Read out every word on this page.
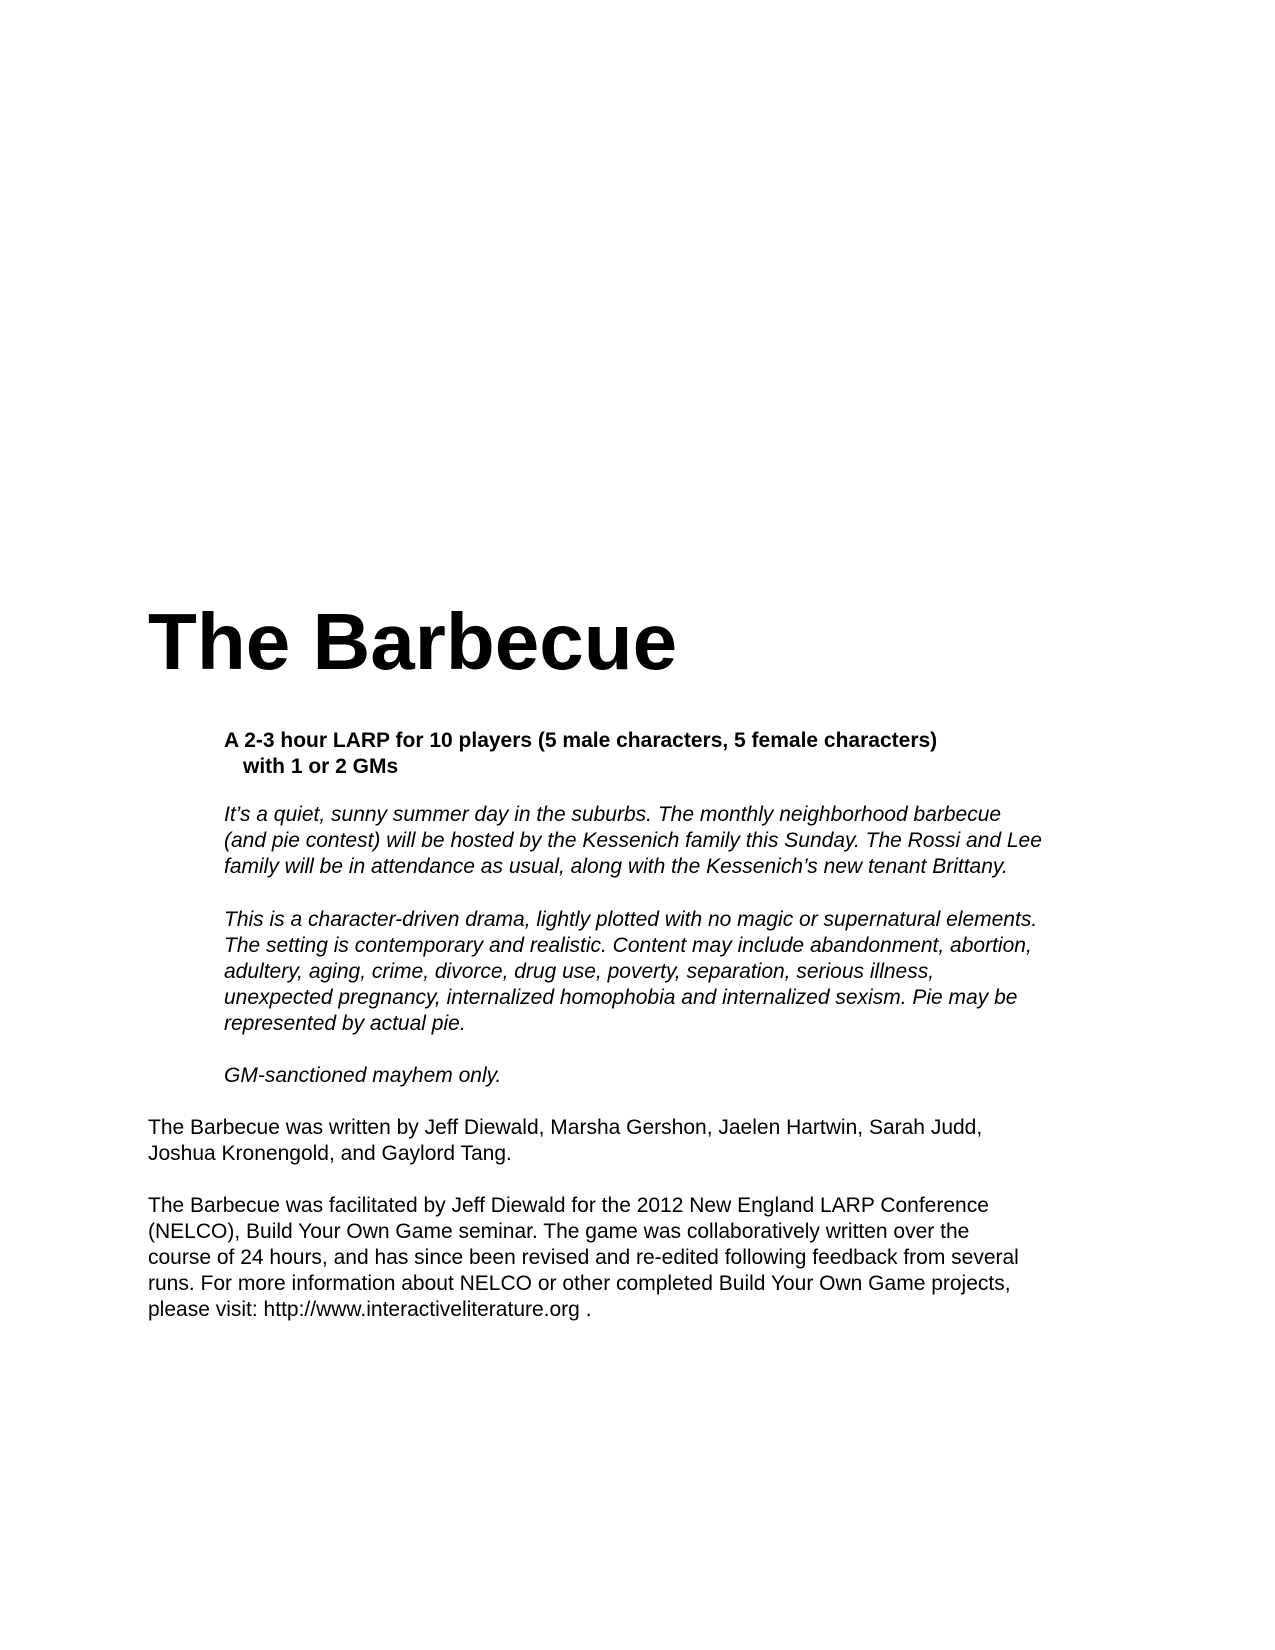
The Barbecue

A 2-3 hour LARP for 10 players (5 male characters, 5 female characters)
with 1 or 2 GMs

It’s a quiet, sunny summer day in the suburbs. The monthly neighborhood barbecue
(and pie contest) will be hosted by the Kessenich family this Sunday. The Rossi and Lee
family will be in attendance as usual, along with the Kessenich’s new tenant Brittany.

This is a character-driven drama, lightly plotted with no magic or supernatural elements.
The setting is contemporary and realistic. Content may include abandonment, abortion,
adultery, aging, crime, divorce, drug use, poverty, separation, serious illness,
unexpected pregnancy, internalized homophobia and internalized sexism. Pie may be
represented by actual pie.

GM-sanctioned mayhem only.

The Barbecue was written by Jeff Diewald, Marsha Gershon, Jaelen Hartwin, Sarah Judd,
Joshua Kronengold, and Gaylord Tang.

The Barbecue was facilitated by Jeff Diewald for the 2012 New England LARP Conference
(NELCO), Build Your Own Game seminar. The game was collaboratively written over the
course of 24 hours, and has since been revised and re-edited following feedback from several
runs. For more information about NELCO or other completed Build Your Own Game projects,
please visit: http://www.interactiveliterature.org .
